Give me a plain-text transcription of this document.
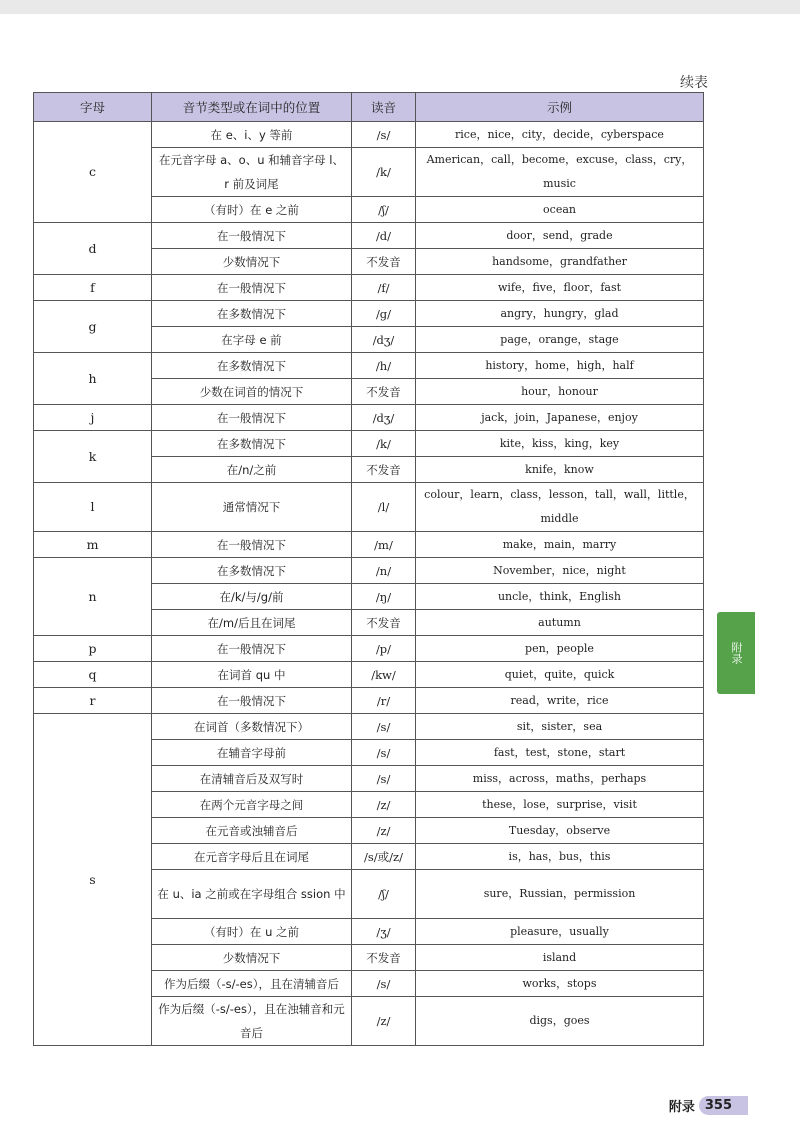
续表
字母	音节类型或在词中的位置	读音	示例
c	在 e、i、y 等前	/s/	rice，nice，city，decide，cyberspace
	在元音字母 a、o、u 和辅音字母 l、r 前及词尾	/k/	American，call，become，excuse，class，cry，music
	（有时）在 e 之前	/ʃ/	ocean
d	在一般情况下	/d/	door，send，grade
	少数情况下	不发音	handsome，grandfather
f	在一般情况下	/f/	wife，five，floor，fast
g	在多数情况下	/g/	angry，hungry，glad
	在字母 e 前	/dʒ/	page，orange，stage
h	在多数情况下	/h/	history，home，high，half
	少数在词首的情况下	不发音	hour，honour
j	在一般情况下	/dʒ/	jack，join，Japanese，enjoy
k	在多数情况下	/k/	kite，kiss，king，key
	在/n/之前	不发音	knife，know
l	通常情况下	/l/	colour，learn，class，lesson，tall，wall，little，middle
m	在一般情况下	/m/	make，main，marry
n	在多数情况下	/n/	November，nice，night
	在/k/与/g/前	/ŋ/	uncle，think，English
	在/m/后且在词尾	不发音	autumn
p	在一般情况下	/p/	pen，people
q	在词首 qu 中	/kw/	quiet，quite，quick
r	在一般情况下	/r/	read，write，rice
s	在词首（多数情况下）	/s/	sit，sister，sea
	在辅音字母前	/s/	fast，test，stone，start
	在清辅音后及双写时	/s/	miss，across，maths，perhaps
	在两个元音字母之间	/z/	these，lose，surprise，visit
	在元音或浊辅音后	/z/	Tuesday，observe
	在元音字母后且在词尾	/s/或/z/	is，has，bus，this
	在 u、ia 之前或在字母组合 ssion 中	/ʃ/	sure，Russian，permission
	（有时）在 u 之前	/ʒ/	pleasure，usually
	少数情况下	不发音	island
	作为后缀（-s/-es），且在清辅音后	/s/	works，stops
	作为后缀（-s/-es），且在浊辅音和元音后	/z/	digs，goes
附录
附录 355
